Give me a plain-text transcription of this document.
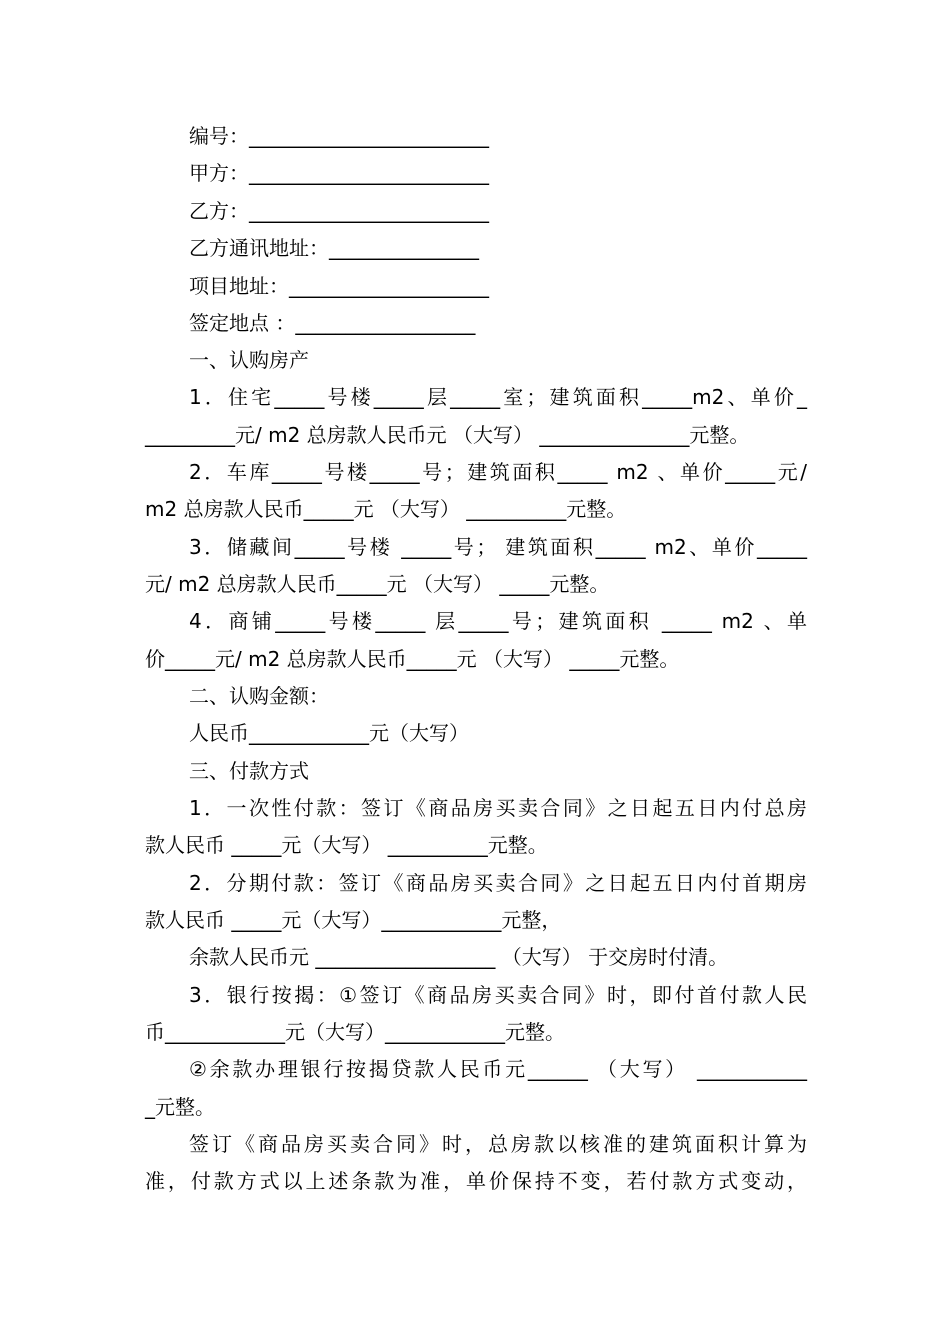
编号：________________________
甲方：________________________
乙方：________________________
乙方通讯地址：_______________
项目地址：____________________
签定地点 ：__________________
一、认购房产
1．住宅_____号楼_____层_____室；建筑面积_____m2、单价_
_________元/ m2 总房款人民币元 （大写） _______________元整。
2．车库_____号楼_____号；建筑面积_____ m2 、单价_____元/
m2 总房款人民币_____元 （大写） __________元整。
3．储藏间_____号楼 _____号； 建筑面积_____ m2、单价_____
元/ m2 总房款人民币_____元 （大写） _____元整。
4．商铺_____号楼_____ 层_____号；建筑面积 _____ m2 、单
价_____元/ m2 总房款人民币_____元 （大写） _____元整。
二、认购金额：
人民币____________元（大写）
三、付款方式
1．一次性付款：签订《商品房买卖合同》之日起五日内付总房
款人民币 _____元（大写） __________元整。
2．分期付款：签订《商品房买卖合同》之日起五日内付首期房
款人民币 _____元（大写）____________元整，
余款人民币元 __________________ （大写） 于交房时付清。
3．银行按揭：①签订《商品房买卖合同》时，即付首付款人民
币____________元（大写）____________元整。
②余款办理银行按揭贷款人民币元______ （大写） ___________
_元整。
签订《商品房买卖合同》时，总房款以核准的建筑面积计算为
准，付款方式以上述条款为准，单价保持不变，若付款方式变动，
